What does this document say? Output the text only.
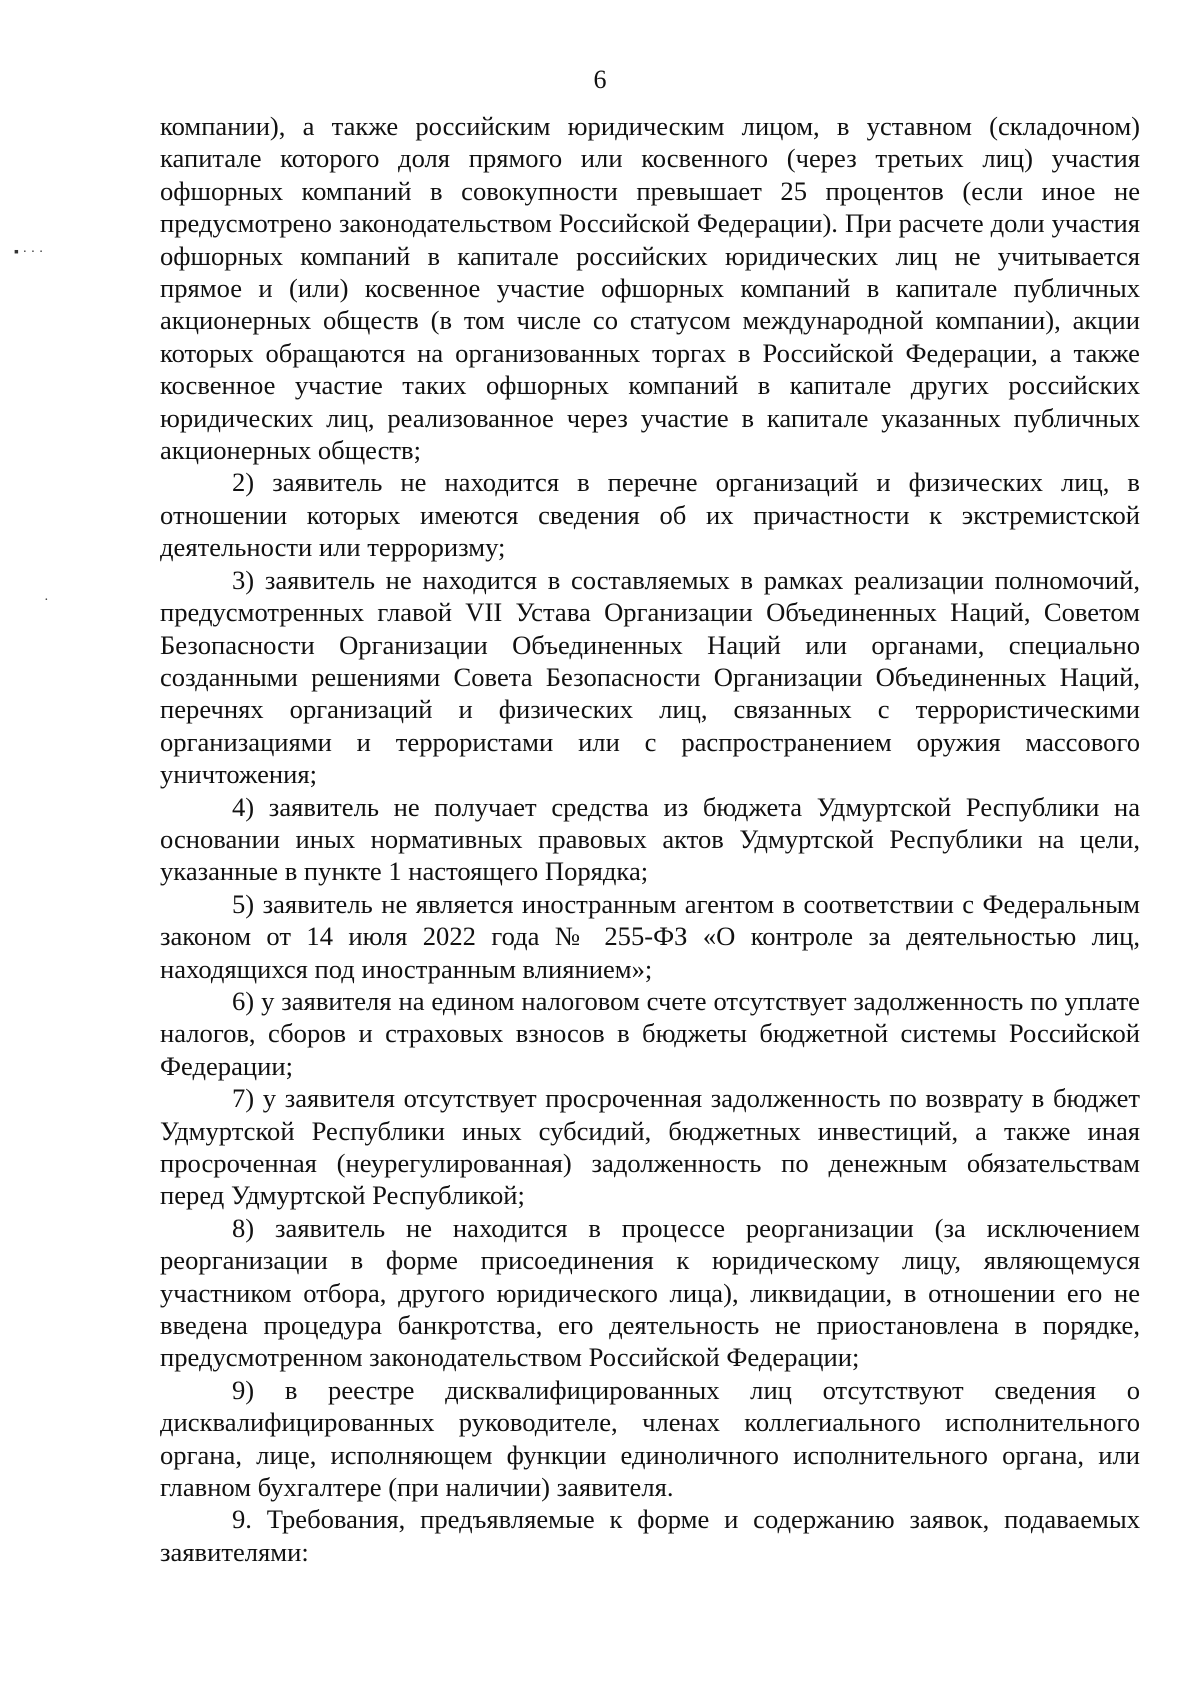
6
▪ · · ·
·

компании), а также российским юридическим лицом, в уставном (складочном) капитале которого доля прямого или косвенного (через третьих лиц) участия офшорных компаний в совокупности превышает 25 процентов (если иное не предусмотрено законодательством Российской Федерации). При расчете доли участия офшорных компаний в капитале российских юридических лиц не учитывается прямое и (или) косвенное участие офшорных компаний в капитале публичных акционерных обществ (в том числе со статусом международной компании), акции которых обращаются на организованных торгах в Российской Федерации, а также косвенное участие таких офшорных компаний в капитале других российских юридических лиц, реализованное через участие в капитале указанных публичных акционерных обществ;

2) заявитель не находится в перечне организаций и физических лиц, в отношении которых имеются сведения об их причастности к экстремистской деятельности или терроризму;

3) заявитель не находится в составляемых в рамках реализации полномочий, предусмотренных главой VII Устава Организации Объединенных Наций, Советом Безопасности Организации Объединенных Наций или органами, специально созданными решениями Совета Безопасности Организации Объединенных Наций, перечнях организаций и физических лиц, связанных с террористическими организациями и террористами или с распространением оружия массового уничтожения;

4) заявитель не получает средства из бюджета Удмуртской Республики на основании иных нормативных правовых актов Удмуртской Республики на цели, указанные в пункте 1 настоящего Порядка;

5) заявитель не является иностранным агентом в соответствии с Федеральным законом от 14 июля 2022 года № 255-ФЗ «О контроле за деятельностью лиц, находящихся под иностранным влиянием»;

6) у заявителя на едином налоговом счете отсутствует задолженность по уплате налогов, сборов и страховых взносов в бюджеты бюджетной системы Российской Федерации;

7) у заявителя отсутствует просроченная задолженность по возврату в бюджет Удмуртской Республики иных субсидий, бюджетных инвестиций, а также иная просроченная (неурегулированная) задолженность по денежным обязательствам перед Удмуртской Республикой;

8) заявитель не находится в процессе реорганизации (за исключением реорганизации в форме присоединения к юридическому лицу, являющемуся участником отбора, другого юридического лица), ликвидации, в отношении его не введена процедура банкротства, его деятельность не приостановлена в порядке, предусмотренном законодательством Российской Федерации;

9) в реестре дисквалифицированных лиц отсутствуют сведения о дисквалифицированных руководителе, членах коллегиального исполнительного органа, лице, исполняющем функции единоличного исполнительного органа, или главном бухгалтере (при наличии) заявителя.

9. Требования, предъявляемые к форме и содержанию заявок, подаваемых заявителями:
